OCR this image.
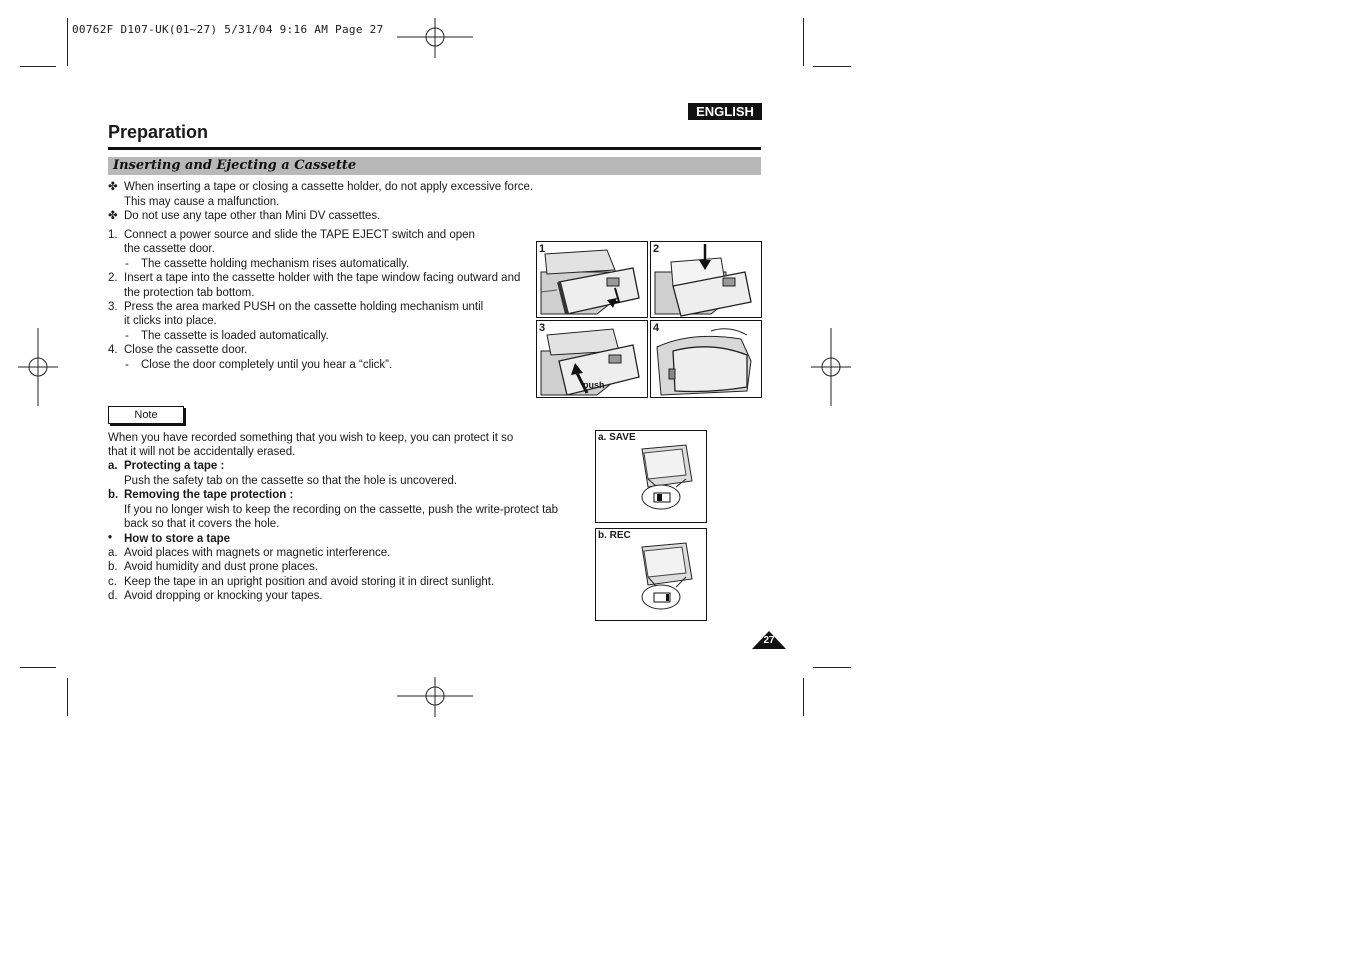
00762F D107-UK(01~27) 5/31/04 9:16 AM Page 27
ENGLISH
Preparation
Inserting and Ejecting a Cassette
✤ When inserting a tape or closing a cassette holder, do not apply excessive force.
This may cause a malfunction.
✤ Do not use any tape other than Mini DV cassettes.
1. Connect a power source and slide the TAPE EJECT switch and open
the cassette door.
- The cassette holding mechanism rises automatically.
2. Insert a tape into the cassette holder with the tape window facing outward and
the protection tab bottom.
3. Press the area marked PUSH on the cassette holding mechanism until
it clicks into place.
- The cassette is loaded automatically.
4. Close the cassette door.
- Close the door completely until you hear a “click”.
1	2
3
push
4
Note
When you have recorded something that you wish to keep, you can protect it so
that it will not be accidentally erased.
a. Protecting a tape :
Push the safety tab on the cassette so that the hole is uncovered.
b. Removing the tape protection :
If you no longer wish to keep the recording on the cassette, push the write-protect tab
back so that it covers the hole.
• How to store a tape
a. Avoid places with magnets or magnetic interference.
b. Avoid humidity and dust prone places.
c. Keep the tape in an upright position and avoid storing it in direct sunlight.
d. Avoid dropping or knocking your tapes.
a. SAVE
b. REC
27
